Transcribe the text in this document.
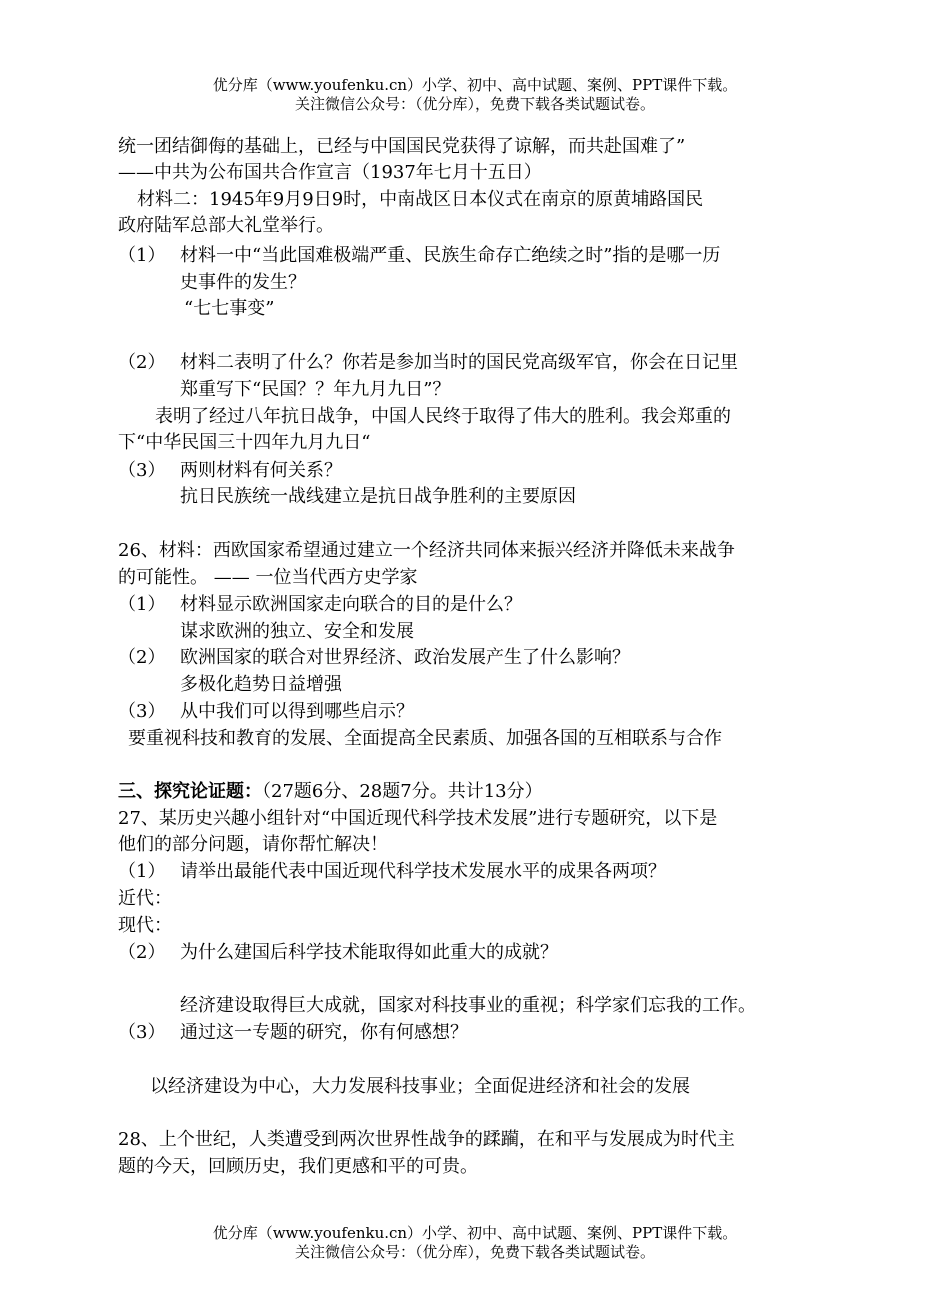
优分库（www.youfenku.cn）小学、初中、高中试题、案例、PPT课件下载。
关注微信公众号：（优分库），免费下载各类试题试卷。
统一团结御侮的基础上，已经与中国国民党获得了谅解，而共赴国难了”
——中共为公布国共合作宣言（1937年七月十五日）
材料二：1945年9月9日9时，中南战区日本仪式在南京的原黄埔路国民
政府陆军总部大礼堂举行。
（1） 材料一中“当此国难极端严重、民族生命存亡绝续之时”指的是哪一历
史事件的发生？
“七七事变”
（2） 材料二表明了什么？你若是参加当时的国民党高级军官，你会在日记里
郑重写下“民国？？年九月九日”？
表明了经过八年抗日战争，中国人民终于取得了伟大的胜利。我会郑重的
下“中华民国三十四年九月九日“
（3） 两则材料有何关系？
抗日民族统一战线建立是抗日战争胜利的主要原因
26、材料：西欧国家希望通过建立一个经济共同体来振兴经济并降低未来战争
的可能性。 —— 一位当代西方史学家
（1） 材料显示欧洲国家走向联合的目的是什么？
谋求欧洲的独立、安全和发展
（2） 欧洲国家的联合对世界经济、政治发展产生了什么影响？
多极化趋势日益增强
（3） 从中我们可以得到哪些启示？
要重视科技和教育的发展、全面提高全民素质、加强各国的互相联系与合作
三、探究论证题：（27题6分、28题7分。共计13分）
27、某历史兴趣小组针对“中国近现代科学技术发展”进行专题研究，以下是
他们的部分问题，请你帮忙解决！
（1） 请举出最能代表中国近现代科学技术发展水平的成果各两项？
近代：
现代：
（2） 为什么建国后科学技术能取得如此重大的成就？
经济建设取得巨大成就，国家对科技事业的重视；科学家们忘我的工作。
（3） 通过这一专题的研究，你有何感想？
以经济建设为中心，大力发展科技事业；全面促进经济和社会的发展
28、上个世纪，人类遭受到两次世界性战争的蹂躏，在和平与发展成为时代主
题的今天，回顾历史，我们更感和平的可贵。
优分库（www.youfenku.cn）小学、初中、高中试题、案例、PPT课件下载。
关注微信公众号：（优分库），免费下载各类试题试卷。
